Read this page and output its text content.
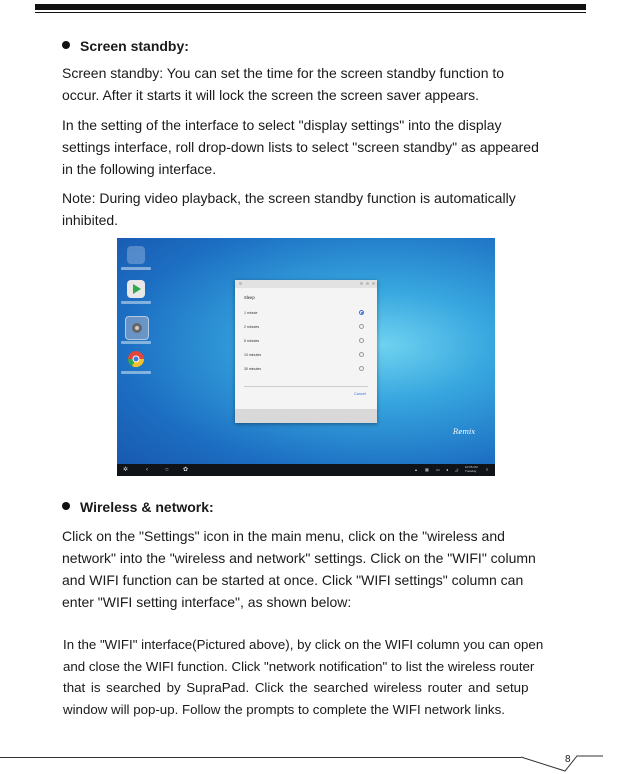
Screen standby:
Screen standby: You can set the time for the screen standby function to
occur. After it starts it will lock the screen the screen saver appears.
In the setting of the interface to select "display settings" into the display
settings interface, roll drop-down lists to select "screen standby" as appeared
in the following interface.
Note: During video playback, the screen standby function is automatically
inhibited.
Sleep
1 minute
2 minutes
5 minutes
10 minutes
30 minutes
Cancel
Remix
✲	‹	○ ✿	▴ ▦ ▭ ◂ ◿ 10:05 AM
Tuesday	≡
Wireless & network:
Click on the "Settings" icon in the main menu, click on the "wireless and
network" into the "wireless and network" settings. Click on the "WIFI" column
and WIFI function can be started at once. Click "WIFI settings" column can
enter "WIFI setting interface", as shown below:
In the "WIFI" interface(Pictured above), by click on the WIFI column you can open
and close the WIFI function. Click "network notification" to list the wireless router
that is searched by SupraPad. Click the searched wireless router and setup
window will pop-up. Follow the prompts to complete the WIFI network links.
8
